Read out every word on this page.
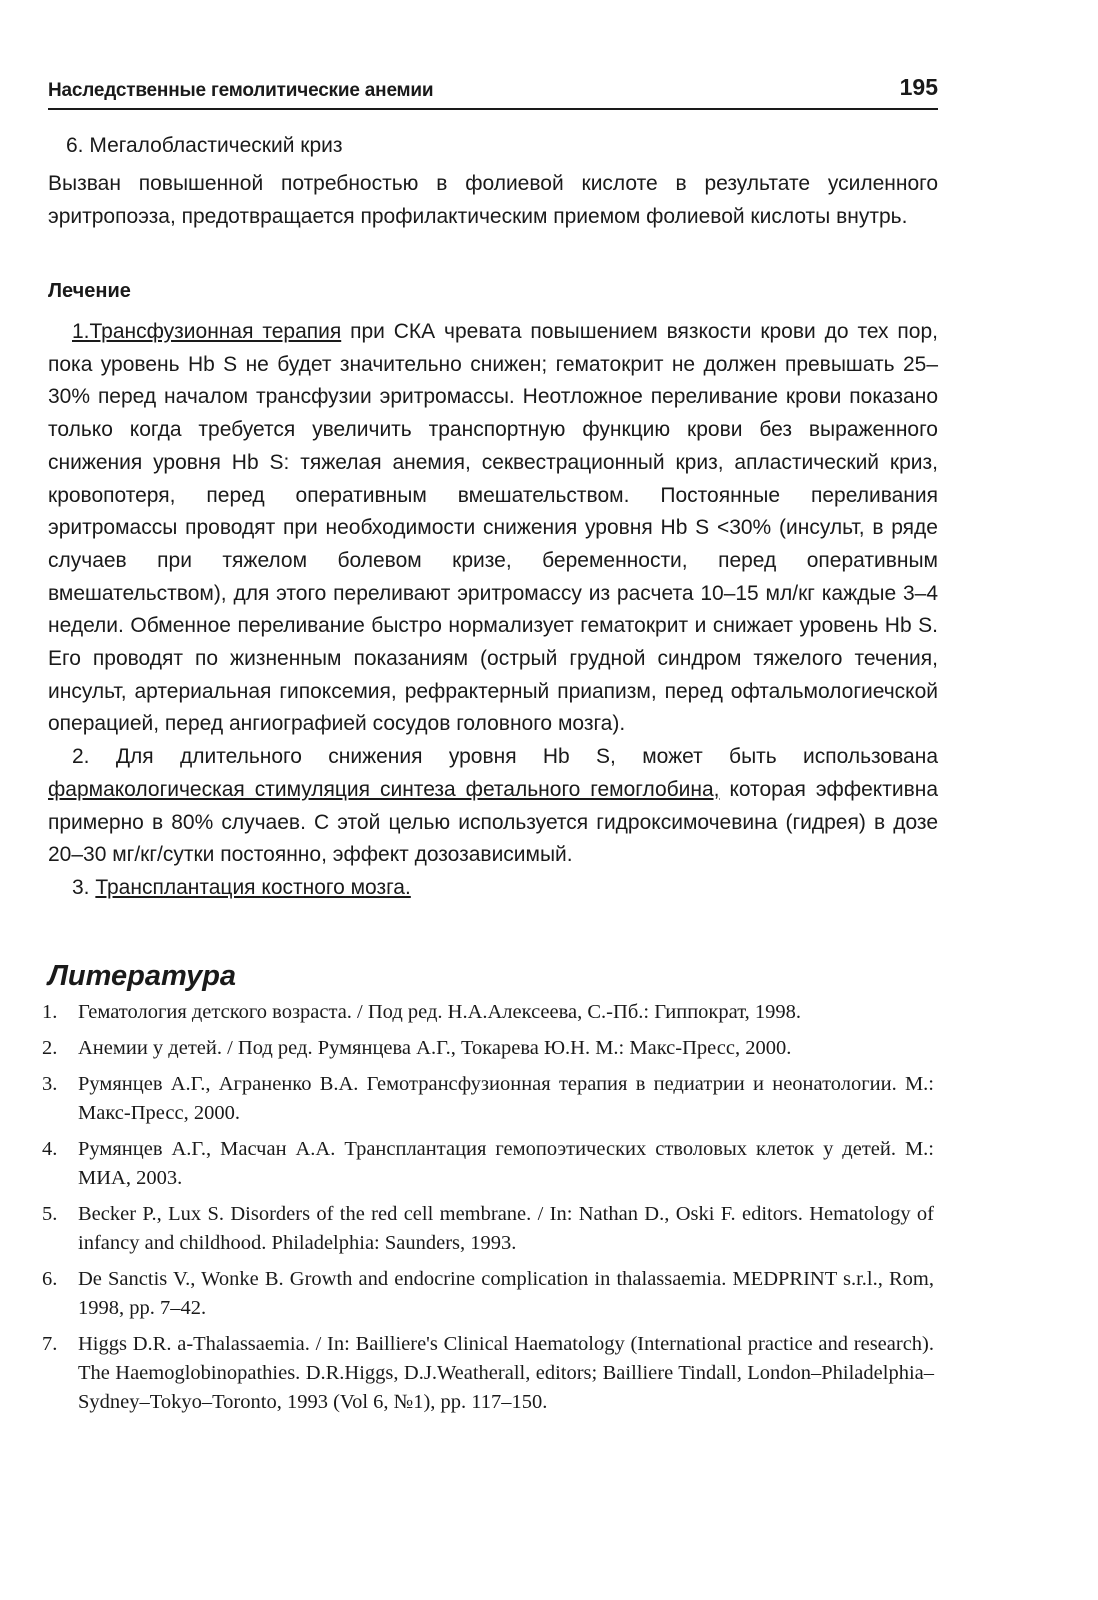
Наследственные гемолитические анемии	195
6. Мегалобластический криз

Вызван повышенной потребностью в фолиевой кислоте в результате усиленного эритропоэза, предотвращается профилактическим приемом фолиевой кислоты внутрь.

Лечение

1.Трансфузионная терапия при СКА чревата повышением вязкости крови до тех пор, пока уровень Hb S не будет значительно снижен; гематокрит не должен превышать 25–30% перед началом трансфузии эритромассы. Неотложное переливание крови показано только когда требуется увеличить транспортную функцию крови без выраженного снижения уровня Hb S: тяжелая анемия, секвестрационный криз, апластический криз, кровопотеря, перед оперативным вмешательством. Постоянные переливания эритромассы проводят при необходимости снижения уровня Hb S <30% (инсульт, в ряде случаев при тяжелом болевом кризе, беременности, перед оперативным вмешательством), для этого переливают эритромассу из расчета 10–15 мл/кг каждые 3–4 недели. Обменное переливание быстро нормализует гематокрит и снижает уровень Hb S. Его проводят по жизненным показаниям (острый грудной синдром тяжелого течения, инсульт, артериальная гипоксемия, рефрактерный приапизм, перед офтальмологиечской операцией, перед ангиографией сосудов головного мозга).

2. Для длительного снижения уровня Hb S, может быть использована фармакологическая стимуляция синтеза фетального гемоглобина, которая эффективна примерно в 80% случаев. С этой целью используется гидроксимочевина (гидрея) в дозе 20–30 мг/кг/сутки постоянно, эффект дозозависимый.

3. Трансплантация костного мозга.

Литература
1.	Гематология детского возраста. / Под ред. Н.А.Алексеева, С.-Пб.: Гиппократ, 1998.
2.	Анемии у детей. / Под ред. Румянцева А.Г., Токарева Ю.Н. М.: Макс-Пресс, 2000.
3.	Румянцев А.Г., Аграненко В.А. Гемотрансфузионная терапия в педиатрии и неонатологии. М.: Макс-Пресс, 2000.
4.	Румянцев А.Г., Масчан А.А. Трансплантация гемопоэтических стволовых клеток у детей. М.: МИА, 2003.
5.	Becker P., Lux S. Disorders of the red cell membrane. / In: Nathan D., Oski F. editors. Hematology of infancy and childhood. Philadelphia: Saunders, 1993.
6.	De Sanctis V., Wonke B. Growth and endocrine complication in thalassaemia. MEDPRINT s.r.l., Rom, 1998, pp. 7–42.
7.	Higgs D.R. a-Thalassaemia. / In: Bailliere's Clinical Haematology (International practice and research). The Haemoglobinopathies. D.R.Higgs, D.J.Weatherall, editors; Bailliere Tindall, London–Philadelphia–Sydney–Tokyo–Toronto, 1993 (Vol 6, №1), pp. 117–150.
